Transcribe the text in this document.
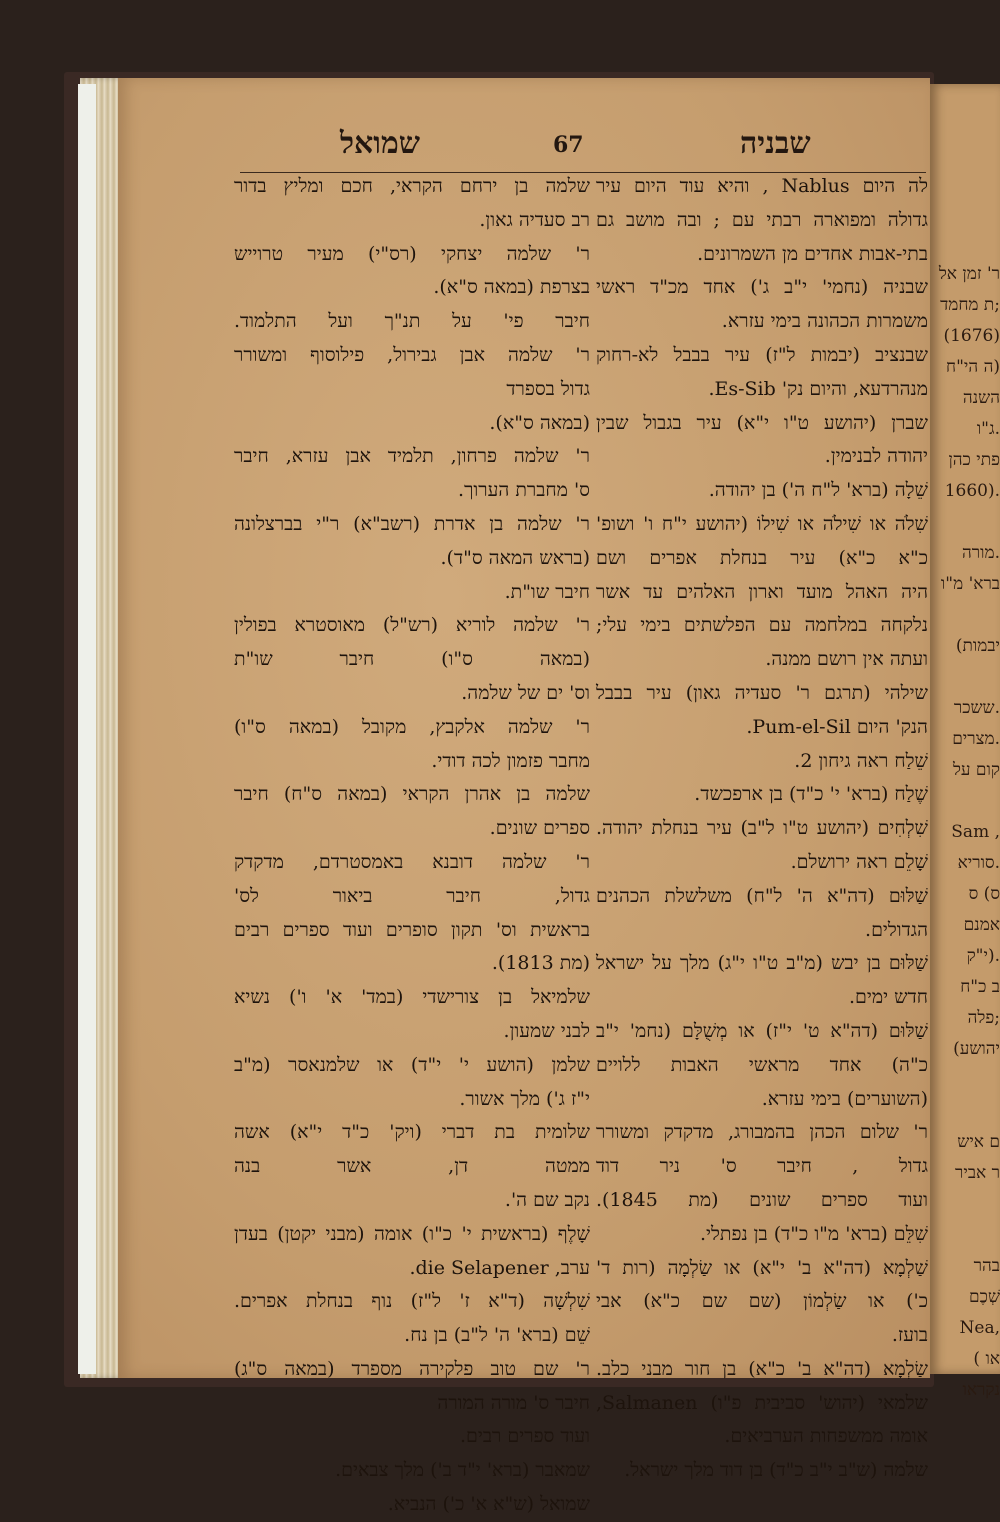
שמואל	67	שבניה
לה היום Nablus , והיא עוד היום עיר
גדולה ומפוארה רבתי עם ; ובה מושב גם
בתי-אבות אחדים מן השמרונים.
שבניה (נחמי' י"ב ג') אחד מכ"ד ראשי
משמרות הכהונה בימי עזרא.
שבנציב (יבמות ל"ז) עיר בבבל לא-רחוק
מנהרדעא, והיום נק' Es-Sib.
שברן (יהושע ט"ו י"א) עיר בגבול שבין
יהודה לבנימין.
שֵׁלָה (ברא' ל"ח ה') בן יהודה.
שִׁלֹה או שִׁילֹה או שִׁילוֹ (יהושע י"ח ו' ושופ'
כ"א כ"א) עיר בנחלת אפרים ושם
היה האהל מועד וארון האלהים עד אשר
נלקחה במלחמה עם הפלשתים בימי עלי;
ועתה אין רושם ממנה.
שילהי (תרגם ר' סעדיה גאון) עיר בבבל
הנק' היום Pum-el-Sil.
שֵׁלַח ראה גיחון 2.
שֶׁלַח (ברא' י' כ"ד) בן ארפכשד.
שִׁלְחִים (יהושע ט"ו ל"ב) עיר בנחלת יהודה.
שָׁלֵם ראה ירושלם.
שַׁלּוּם (דה"א ה' ל"ח) משלשלת הכהנים
הגדולים.
שַׁלּוּם בן יבש (מ"ב ט"ו י"ג) מלך על ישראל
חדש ימים.
שַׁלּוּם (דה"א ט' י"ז) או מְשֻׁלָּם (נחמ' י"ב
כ"ה) אחד מראשי האבות ללויים
(השוערים) בימי עזרא.
ר' שלום הכהן בהמבורג, מדקדק ומשורר
גדול , חיבר ס' ניר דוד
ועוד ספרים שונים (מת 1845).
שִׁלֵּם (ברא' מ"ו כ"ד) בן נפתלי.
שַׁלְמָא (דה"א ב' י"א) או שַׂלְמָה (רות ד'
כ') או שַׂלְמוֹן (שם שם כ"א) אבי
בועז.
שַׂלְמָא (דה"א ב' כ"א) בן חור מבני כלב.
שלמאי (יהוש' סביבית פ"ו) Salmanen,
אומה ממשפחות הערביאים.
שלמה (ש"ב י"ב כ"ד) בן דוד מלך ישראל.
שלמה בן ירחם הקראי, חכם ומליץ בדור
רב סעדיה גאון.
ר' שלמה יצחקי (רס"י) מעיר טרוייש
בצרפת (במאה ס"א).
חיבר פי' על תנ"ך ועל התלמוד.
ר' שלמה אבן גבירול, פילוסוף ומשורר
גדול בספרד
(במאה ס"א).
ר' שלמה פרחון, תלמיד אבן עזרא, חיבר
ס' מחברת הערוך.
ר' שלמה בן אדרת (רשב"א) ר"י בברצלונה
(בראש המאה ס"ד).
חיבר שו"ת.
ר' שלמה לוריא (רש"ל) מאוסטרא בפולין
(במאה ס"ו) חיבר שו"ת
וס' ים של שלמה.
ר' שלמה אלקבץ, מקובל (במאה ס"ו)
מחבר פזמון לכה דודי.
שלמה בן אהרן הקראי (במאה ס"ח) חיבר
ספרים שונים.
ר' שלמה דובנא באמסטרדם, מדקדק
גדול, חיבר ביאור לס'
בראשית וס' תקון סופרים ועוד ספרים רבים
(מת 1813).
שלמיאל בן צורישדי (במד' א' ו') נשיא
לבני שמעון.
שלמן (הושע י' י"ד) או שלמנאסר (מ"ב
י"ז ג') מלך אשור.
שלומית בת דברי (ויק' כ"ד י"א) אשה
ממטה דן, אשר בנה
נקב שם ה'.
שָׁלֶף (בראשית י' כ"ו) אומה (מבני יקטן) בעדן
ערב, die Selapener.
שִׁלְשָׁה (ד"א ז' ל"ז) נוף בנחלת אפרים.
שֵׁם (ברא' ה' ל"ב) בן נח.
ר' שם טוב פלקירה מספרד (במאה ס"ג)
חיבר ס' מורה המורה
ועוד ספרים רבים.
שמאבר (ברא' י"ד ב') מלך צבאים.
שמואל (ש"א א' כ') הנביא.
ר' זמן אל
ת מחמד;
(1676)
ה הי"ח)
השנה
ג"ו.
פתי כהן
1660).
מורה.
ברא' מ"ו
(יבמות
ששכר.
מצרים.
קום על
Sam ,
סוריא.
ס) ס
אמנם
י"ק).
ב כ"ח
פלה;
(יהושע
ם איש
ר אביר
בהר
שְׁכֶם
Nea,
( או
נקראו
